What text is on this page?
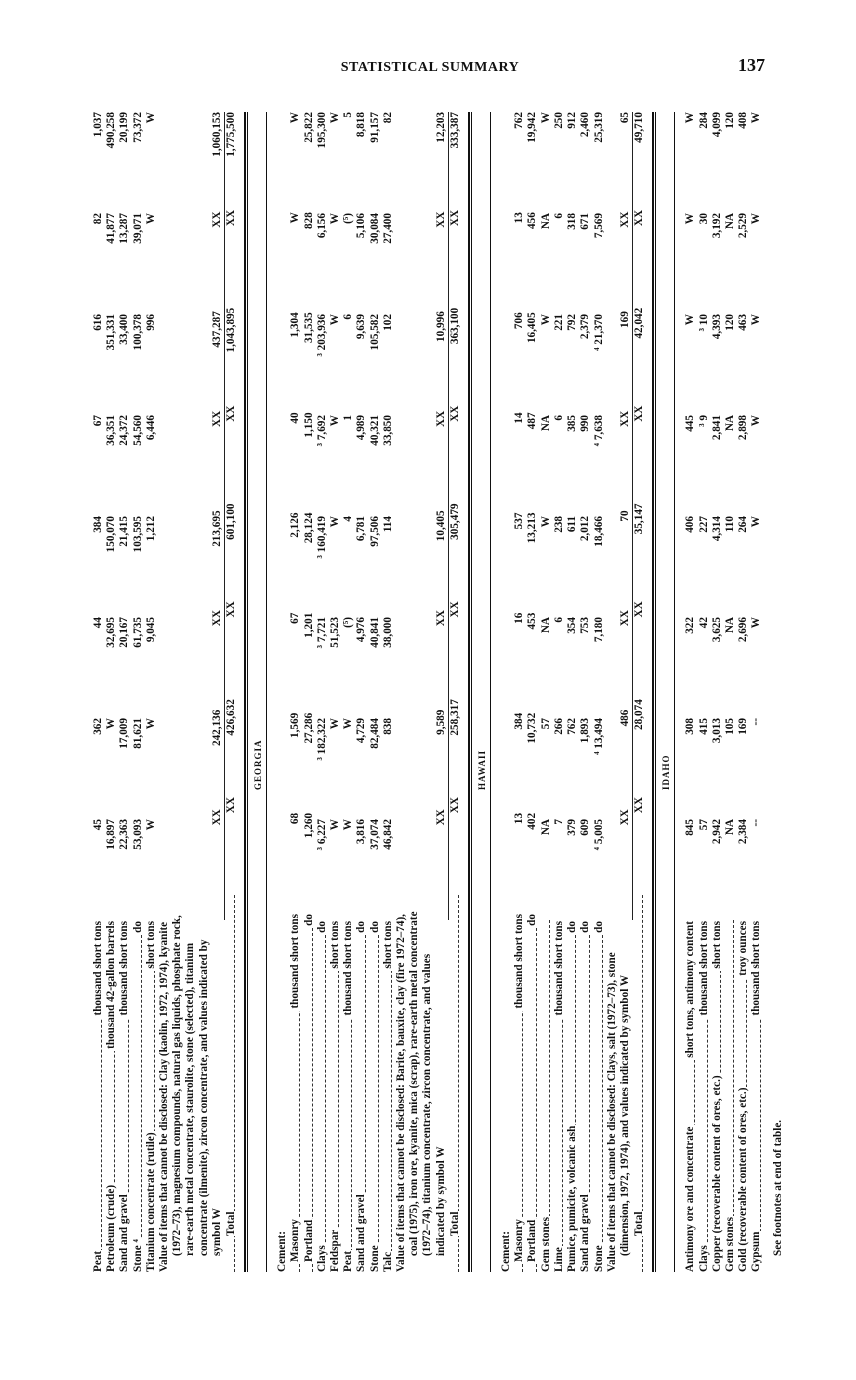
STATISTICAL SUMMARY	137
Peat
thousand short tons
45
362
44
384
67
616
82
1,037
Petroleum (crude)
thousand 42-gallon barrels
16,897
W
32,695
150,070
36,351
351,331
41,877
490,258
Sand and gravel
thousand short tons
22,363
17,009
20,167
21,415
24,372
33,400
13,287
20,199
Stone ⁴
do
53,093
81,621
61,735
103,595
54,560
100,378
39,071
73,372
Titanium concentrate (rutile)
short tons
W
W
9,045
1,212
6,446
996
W
W
Value of items that cannot be disclosed: Clay (kaolin, 1972, 1974), kyanite (1972–73), magnesium compounds, natural gas liquids, phosphate rock, rare-earth metal concentrate, staurolite, stone (selected), titanium concentrate (ilmenite), zircon concentrate, and values indicated by symbol W
XX
242,136
XX
213,695
XX
437,287
XX
1,060,153
Total
XX
426,632
XX
601,100
XX
1,043,895
XX
1,775,500
GEORGIA
Cement: Masonry
thousand short tons
68
1,569
67
2,126
40
1,304
W
W
Portland
do
1,260
27,286
1,201
28,124
1,150
31,535
828
25,822
Clays
do
³ 6,227
³ 182,322
³ 7,721
³ 160,419
³ 7,692
³ 203,936
6,156
195,300
Feldspar
short tons
W
W
51,523
W
W
W
W
W
Peat
thousand short tons
W
W
(⁵)
4
1
6
(⁵)
5
Sand and gravel
do
3,816
4,729
4,976
6,781
4,989
9,639
5,106
8,818
Stone
do
37,074
82,484
40,841
97,506
40,321
105,582
30,084
91,157
Talc
short tons
46,842
838
38,000
114
33,850
102
27,400
82
Value of items that cannot be disclosed: Barite, bauxite, clay (fire 1972–74), coal (1975), iron ore, kyanite, mica (scrap), rare-earth metal concentrate (1972–74), titanium concentrate, zircon concentrate, and values indicated by symbol W
XX
9,589
XX
10,405
XX
10,996
XX
12,203
Total
XX
258,317
XX
305,479
XX
363,100
XX
333,387
HAWAII
Cement: Masonry
thousand short tons
13
384
16
537
14
706
13
762
Portland
do
402
10,732
453
13,213
487
16,405
456
19,942
Gem stones
NA
57
NA
W
NA
W
NA
W
Lime
thousand short tons
7
266
6
238
6
221
6
250
Pumice, pumicite, volcanic ash
do
379
762
354
611
385
792
318
912
Sand and gravel
do
609
1,893
753
2,012
990
2,379
671
2,460
Stone
do
⁴ 5,005
⁴ 13,494
7,180
18,466
⁴ 7,638
⁴ 21,370
7,569
25,319
Value of items that cannot be disclosed: Clays, salt (1972–73), stone (dimension, 1972, 1974), and values indicated by symbol W
XX
486
XX
70
XX
169
XX
65
Total
XX
28,074
XX
35,147
XX
42,042
XX
49,710
IDAHO
Antimony ore and concentrate
short tons, antimony content
845
308
322
406
445
W
W
W
Clays
thousand short tons
57
415
42
227
³ 9
³ 10
30
284
Copper (recoverable content of ores, etc.)
short tons
2,942
3,013
3,625
4,314
2,841
4,393
3,192
4,099
Gem stones
NA
105
NA
110
NA
120
NA
120
Gold (recoverable content of ores, etc.)
troy ounces
2,384
169
2,696
264
2,898
463
2,529
408
Gypsum
thousand short tons
--
--
W
W
W
W
W
W
See footnotes at end of table.
